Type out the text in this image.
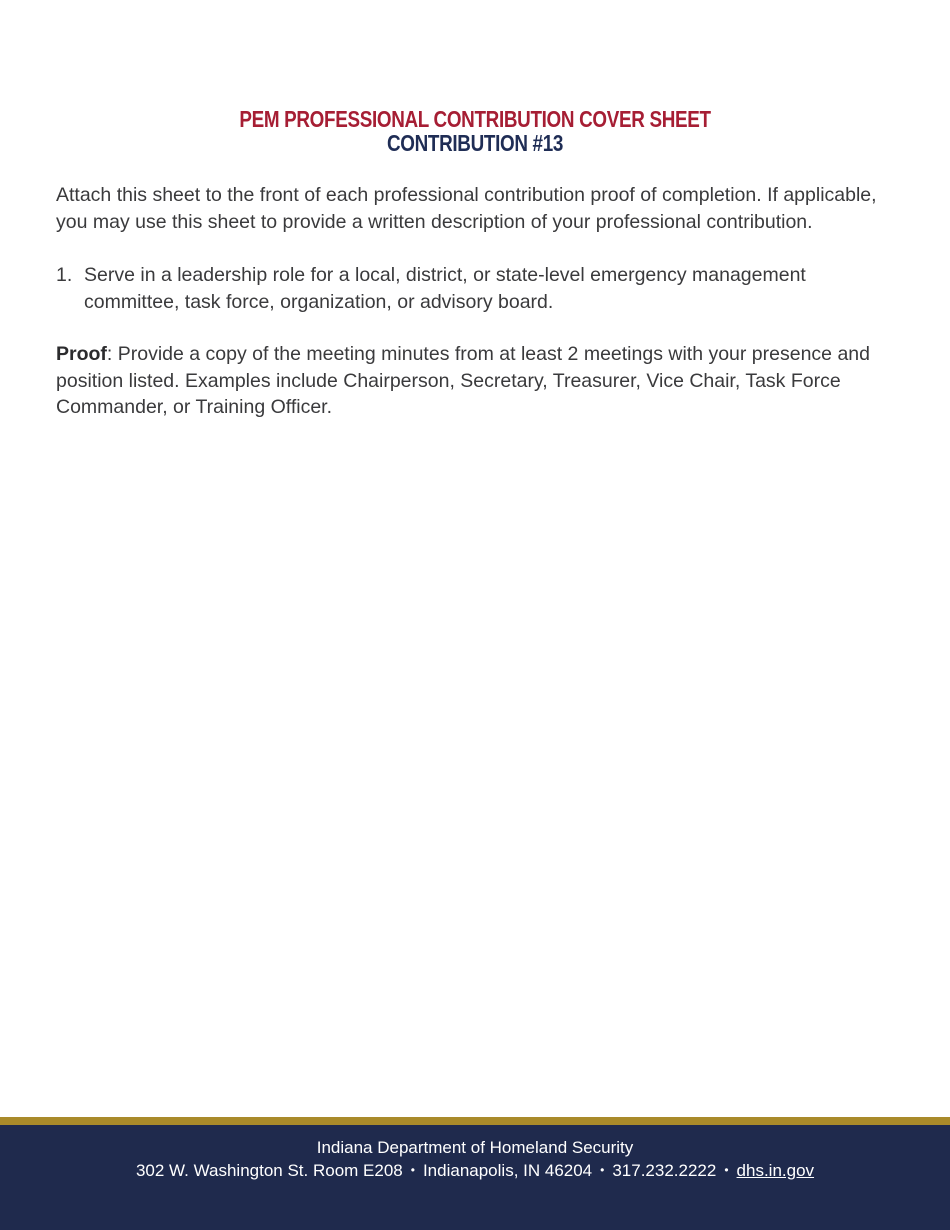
PEM PROFESSIONAL CONTRIBUTION COVER SHEET
CONTRIBUTION #13

Attach this sheet to the front of each professional contribution proof of completion. If applicable, you may use this sheet to provide a written description of your professional contribution.

1. Serve in a leadership role for a local, district, or state-level emergency management committee, task force, organization, or advisory board.

Proof: Provide a copy of the meeting minutes from at least 2 meetings with your presence and position listed. Examples include Chairperson, Secretary, Treasurer, Vice Chair, Task Force Commander, or Training Officer.

Indiana Department of Homeland Security
302 W. Washington St. Room E208 • Indianapolis, IN 46204 • 317.232.2222 • dhs.in.gov
